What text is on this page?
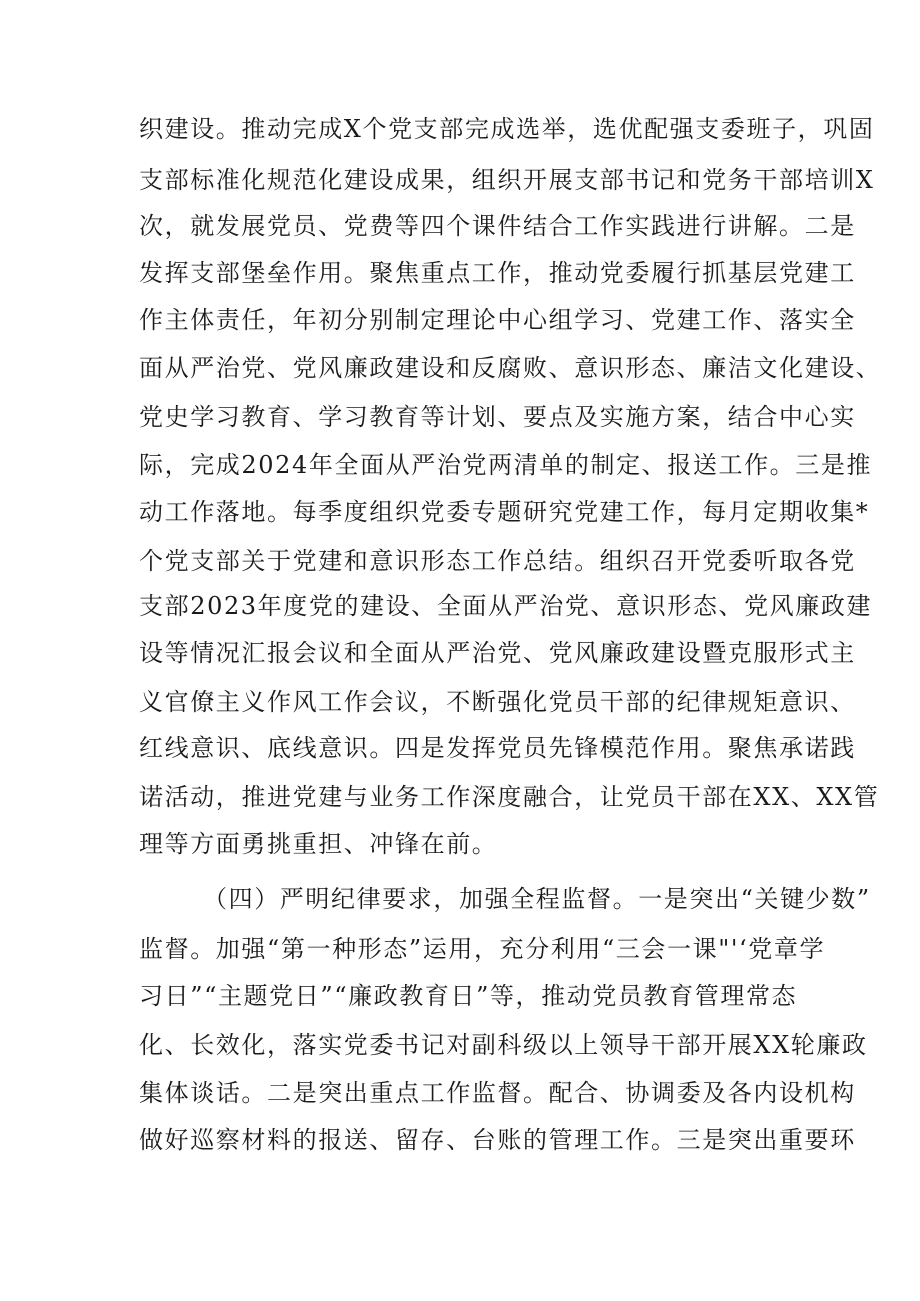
织建设。推动完成X个党支部完成选举，选优配强支委班子，巩固
支部标准化规范化建设成果，组织开展支部书记和党务干部培训X
次，就发展党员、党费等四个课件结合工作实践进行讲解。二是
发挥支部堡垒作用。聚焦重点工作，推动党委履行抓基层党建工
作主体责任，年初分别制定理论中心组学习、党建工作、落实全
面从严治党、党风廉政建设和反腐败、意识形态、廉洁文化建设、
党史学习教育、学习教育等计划、要点及实施方案，结合中心实
际，完成2024年全面从严治党两清单的制定、报送工作。三是推
动工作落地。每季度组织党委专题研究党建工作，每月定期收集*
个党支部关于党建和意识形态工作总结。组织召开党委听取各党
支部2023年度党的建设、全面从严治党、意识形态、党风廉政建
设等情况汇报会议和全面从严治党、党风廉政建设暨克服形式主
义官僚主义作风工作会议，不断强化党员干部的纪律规矩意识、
红线意识、底线意识。四是发挥党员先锋模范作用。聚焦承诺践
诺活动，推进党建与业务工作深度融合，让党员干部在XX、XX管
理等方面勇挑重担、冲锋在前。
（四）严明纪律要求，加强全程监督。一是突出“关键少数”
监督。加强“第一种形态”运用，充分利用“三会一课"'‘党章学
习日”“主题党日”“廉政教育日”等，推动党员教育管理常态
化、长效化，落实党委书记对副科级以上领导干部开展XX轮廉政
集体谈话。二是突出重点工作监督。配合、协调委及各内设机构
做好巡察材料的报送、留存、台账的管理工作。三是突出重要环
